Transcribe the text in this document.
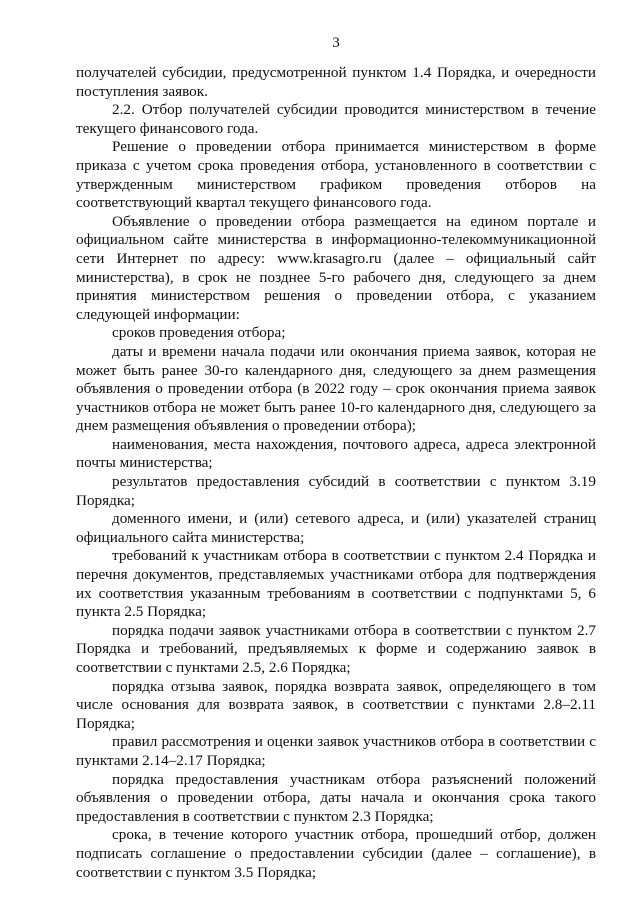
3

получателей субсидии, предусмотренной пунктом 1.4 Порядка, и очередности поступления заявок.

2.2. Отбор получателей субсидии проводится министерством в течение текущего финансового года.

Решение о проведении отбора принимается министерством в форме приказа с учетом срока проведения отбора, установленного в соответствии с утвержденным министерством графиком проведения отборов на соответствующий квартал текущего финансового года.

Объявление о проведении отбора размещается на едином портале и официальном сайте министерства в информационно-телекоммуникационной сети Интернет по адресу: www.krasagro.ru (далее – официальный сайт министерства), в срок не позднее 5-го рабочего дня, следующего за днем принятия министерством решения о проведении отбора, с указанием следующей информации:

сроков проведения отбора;

даты и времени начала подачи или окончания приема заявок, которая не может быть ранее 30-го календарного дня, следующего за днем размещения объявления о проведении отбора (в 2022 году – срок окончания приема заявок участников отбора не может быть ранее 10-го календарного дня, следующего за днем размещения объявления о проведении отбора);

наименования, места нахождения, почтового адреса, адреса электронной почты министерства;

результатов предоставления субсидий в соответствии с пунктом 3.19 Порядка;

доменного имени, и (или) сетевого адреса, и (или) указателей страниц официального сайта министерства;

требований к участникам отбора в соответствии с пунктом 2.4 Порядка и перечня документов, представляемых участниками отбора для подтверждения их соответствия указанным требованиям в соответствии с подпунктами 5, 6 пункта 2.5 Порядка;

порядка подачи заявок участниками отбора в соответствии с пунктом 2.7 Порядка и требований, предъявляемых к форме и содержанию заявок в соответствии с пунктами 2.5, 2.6 Порядка;

порядка отзыва заявок, порядка возврата заявок, определяющего в том числе основания для возврата заявок, в соответствии с пунктами 2.8–2.11 Порядка;

правил рассмотрения и оценки заявок участников отбора в соответствии с пунктами 2.14–2.17 Порядка;

порядка предоставления участникам отбора разъяснений положений объявления о проведении отбора, даты начала и окончания срока такого предоставления в соответствии с пунктом 2.3 Порядка;

срока, в течение которого участник отбора, прошедший отбор, должен подписать соглашение о предоставлении субсидии (далее – соглашение), в соответствии с пунктом 3.5 Порядка;
